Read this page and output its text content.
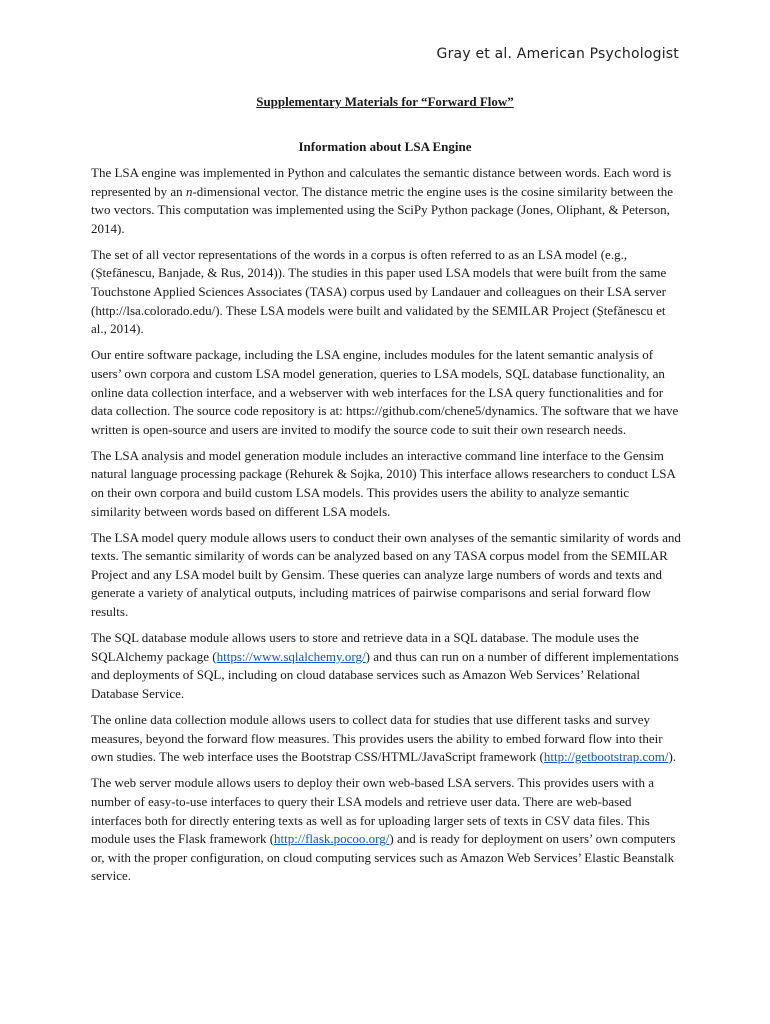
Gray et al. American Psychologist
Supplementary Materials for “Forward Flow”
Information about LSA Engine

The LSA engine was implemented in Python and calculates the semantic distance between words. Each word is represented by an n-dimensional vector. The distance metric the engine uses is the cosine similarity between the two vectors. This computation was implemented using the SciPy Python package (Jones, Oliphant, & Peterson, 2014).

The set of all vector representations of the words in a corpus is often referred to as an LSA model (e.g., (Ștefănescu, Banjade, & Rus, 2014)). The studies in this paper used LSA models that were built from the same Touchstone Applied Sciences Associates (TASA) corpus used by Landauer and colleagues on their LSA server (http://lsa.colorado.edu/). These LSA models were built and validated by the SEMILAR Project (Ștefănescu et al., 2014).

Our entire software package, including the LSA engine, includes modules for the latent semantic analysis of users’ own corpora and custom LSA model generation, queries to LSA models, SQL database functionality, an online data collection interface, and a webserver with web interfaces for the LSA query functionalities and for data collection. The source code repository is at: https://github.com/chene5/dynamics. The software that we have written is open-source and users are invited to modify the source code to suit their own research needs.

The LSA analysis and model generation module includes an interactive command line interface to the Gensim natural language processing package (Rehurek & Sojka, 2010) This interface allows researchers to conduct LSA on their own corpora and build custom LSA models. This provides users the ability to analyze semantic similarity between words based on different LSA models.

The LSA model query module allows users to conduct their own analyses of the semantic similarity of words and texts. The semantic similarity of words can be analyzed based on any TASA corpus model from the SEMILAR Project and any LSA model built by Gensim. These queries can analyze large numbers of words and texts and generate a variety of analytical outputs, including matrices of pairwise comparisons and serial forward flow results.

The SQL database module allows users to store and retrieve data in a SQL database. The module uses the SQLAlchemy package (https://www.sqlalchemy.org/) and thus can run on a number of different implementations and deployments of SQL, including on cloud database services such as Amazon Web Services’ Relational Database Service.

The online data collection module allows users to collect data for studies that use different tasks and survey measures, beyond the forward flow measures. This provides users the ability to embed forward flow into their own studies. The web interface uses the Bootstrap CSS/HTML/JavaScript framework (http://getbootstrap.com/).

The web server module allows users to deploy their own web-based LSA servers. This provides users with a number of easy-to-use interfaces to query their LSA models and retrieve user data. There are web-based interfaces both for directly entering texts as well as for uploading larger sets of texts in CSV data files. This module uses the Flask framework (http://flask.pocoo.org/) and is ready for deployment on users’ own computers or, with the proper configuration, on cloud computing services such as Amazon Web Services’ Elastic Beanstalk service.
